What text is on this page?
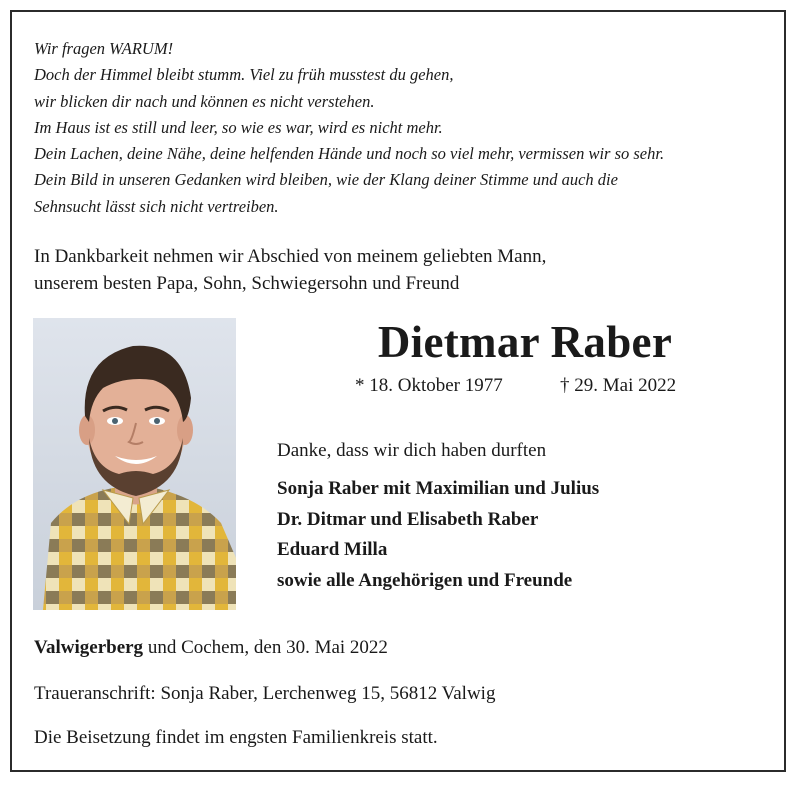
Wir fragen WARUM!
Doch der Himmel bleibt stumm. Viel zu früh musstest du gehen,
wir blicken dir nach und können es nicht verstehen.
Im Haus ist es still und leer, so wie es war, wird es nicht mehr.
Dein Lachen, deine Nähe, deine helfenden Hände und noch so viel mehr, vermissen wir so sehr.
Dein Bild in unseren Gedanken wird bleiben, wie der Klang deiner Stimme und auch die
Sehnsucht lässt sich nicht vertreiben.
In Dankbarkeit nehmen wir Abschied von meinem geliebten Mann,
unserem besten Papa, Sohn, Schwiegersohn und Freund
Dietmar Raber
* 18. Oktober 1977	† 29. Mai 2022
Danke, dass wir dich haben durften
Sonja Raber mit Maximilian und Julius
Dr. Ditmar und Elisabeth Raber
Eduard Milla
sowie alle Angehörigen und Freunde
Valwigerberg und Cochem, den 30. Mai 2022
Traueranschrift: Sonja Raber, Lerchenweg 15, 56812 Valwig
Die Beisetzung findet im engsten Familienkreis statt.
